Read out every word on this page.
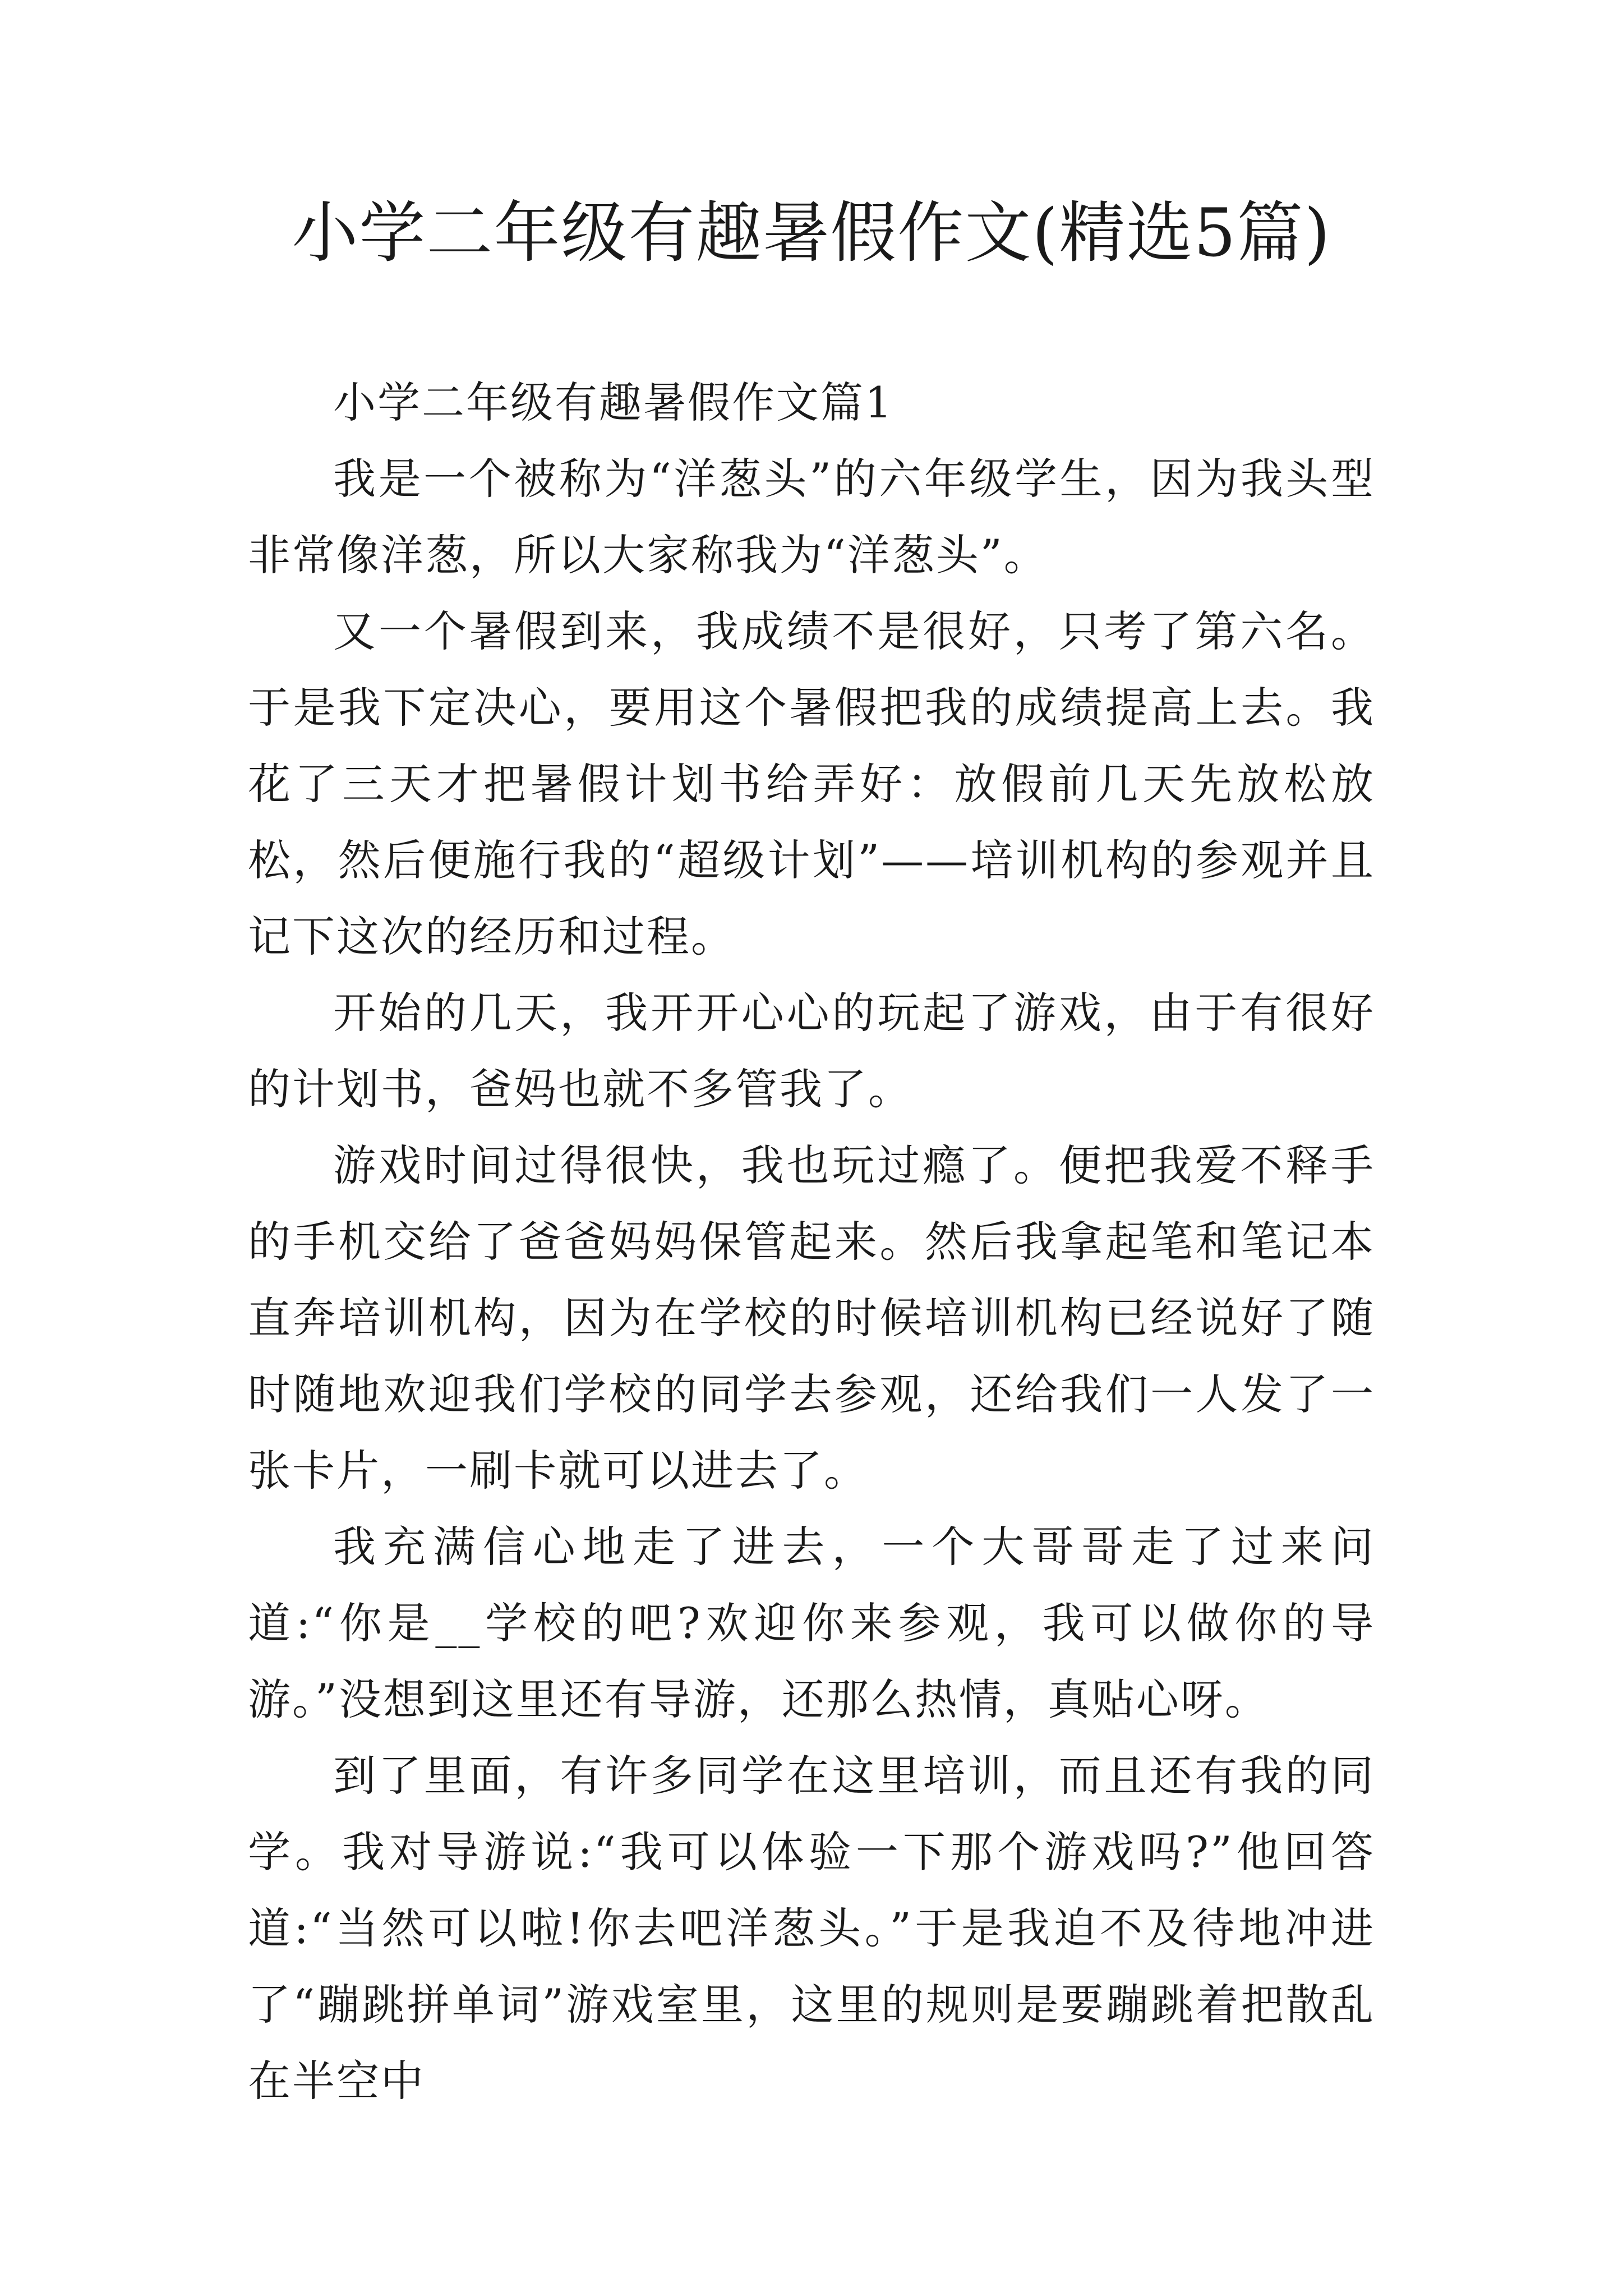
小学二年级有趣暑假作文(精选5篇)

小学二年级有趣暑假作文篇1

我是一个被称为“洋葱头”的六年级学生，因为我头型非常像洋葱，所以大家称我为“洋葱头”。

又一个暑假到来，我成绩不是很好，只考了第六名。于是我下定决心，要用这个暑假把我的成绩提高上去。我花了三天才把暑假计划书给弄好：放假前几天先放松放松，然后便施行我的“超级计划”——培训机构的参观并且记下这次的经历和过程。

开始的几天，我开开心心的玩起了游戏，由于有很好的计划书，爸妈也就不多管我了。

游戏时间过得很快，我也玩过瘾了。便把我爱不释手的手机交给了爸爸妈妈保管起来。然后我拿起笔和笔记本直奔培训机构，因为在学校的时候培训机构已经说好了随时随地欢迎我们学校的同学去参观，还给我们一人发了一张卡片，一刷卡就可以进去了。

我充满信心地走了进去，一个大哥哥走了过来问道:“你是__学校的吧?欢迎你来参观，我可以做你的导游。”没想到这里还有导游，还那么热情，真贴心呀。

到了里面，有许多同学在这里培训，而且还有我的同学。我对导游说:“我可以体验一下那个游戏吗?”他回答道:“当然可以啦!你去吧洋葱头。”于是我迫不及待地冲进了“蹦跳拼单词”游戏室里，这里的规则是要蹦跳着把散乱在半空中
